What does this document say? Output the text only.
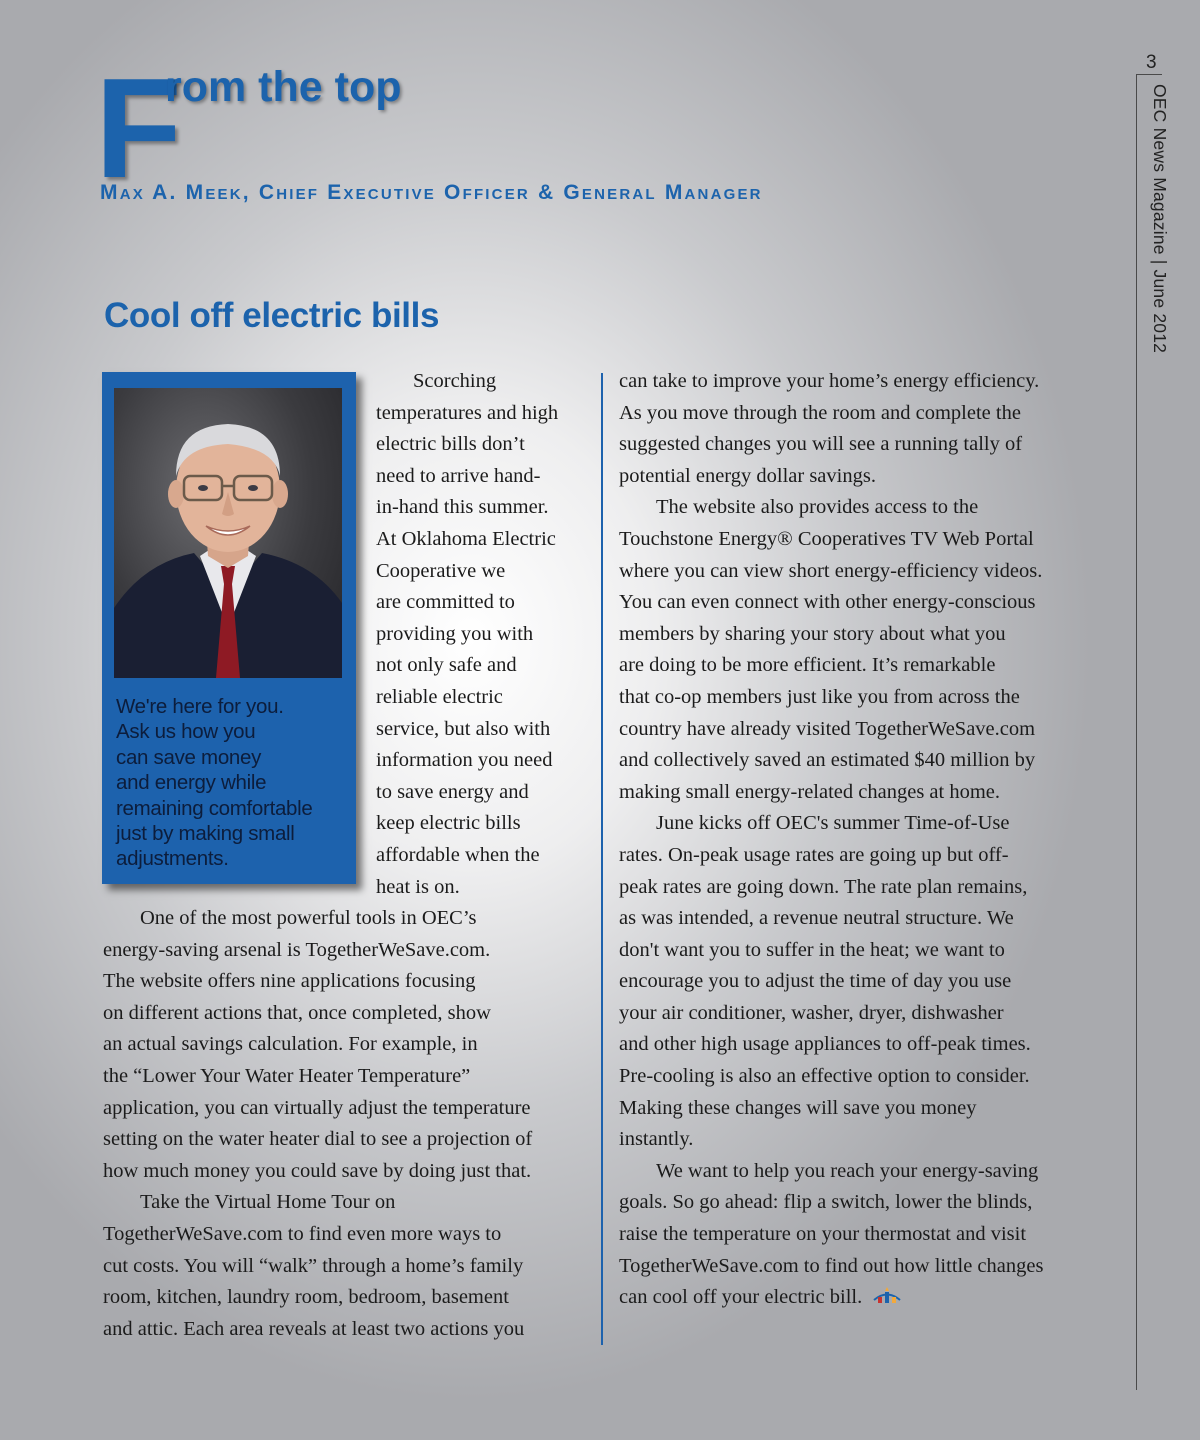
3
OEC News Magazine | June 2012
F
rom the top
Max A. Meek, Chief Executive Officer & General Manager
Cool off electric bills
We're here for you.
Ask us how you
can save money
and energy while
remaining comfortable
just by making small
adjustments.
Scorching
temperatures and high
electric bills don’t
need to arrive hand-
in-hand this summer.
At Oklahoma Electric
Cooperative we
are committed to
providing you with
not only safe and
reliable electric
service, but also with
information you need
to save energy and
keep electric bills
affordable when the
heat is on.
One of the most powerful tools in OEC’s
energy-saving arsenal is TogetherWeSave.com.
The website offers nine applications focusing
on different actions that, once completed, show
an actual savings calculation. For example, in
the “Lower Your Water Heater Temperature”
application, you can virtually adjust the temperature
setting on the water heater dial to see a projection of
how much money you could save by doing just that.
Take the Virtual Home Tour on
TogetherWeSave.com to find even more ways to
cut costs. You will “walk” through a home’s family
room, kitchen, laundry room, bedroom, basement
and attic. Each area reveals at least two actions you
can take to improve your home’s energy efficiency.
As you move through the room and complete the
suggested changes you will see a running tally of
potential energy dollar savings.
The website also provides access to the
Touchstone Energy® Cooperatives TV Web Portal
where you can view short energy-efficiency videos.
You can even connect with other energy-conscious
members by sharing your story about what you
are doing to be more efficient. It’s remarkable
that co-op members just like you from across the
country have already visited TogetherWeSave.com
and collectively saved an estimated $40 million by
making small energy-related changes at home.
June kicks off OEC's summer Time-of-Use
rates. On-peak usage rates are going up but off-
peak rates are going down. The rate plan remains,
as was intended, a revenue neutral structure. We
don't want you to suffer in the heat; we want to
encourage you to adjust the time of day you use
your air conditioner, washer, dryer, dishwasher
and other high usage appliances to off-peak times.
Pre-cooling is also an effective option to consider.
Making these changes will save you money
instantly.
We want to help you reach your energy-saving
goals. So go ahead: flip a switch, lower the blinds,
raise the temperature on your thermostat and visit
TogetherWeSave.com to find out how little changes
can cool off your electric bill.
